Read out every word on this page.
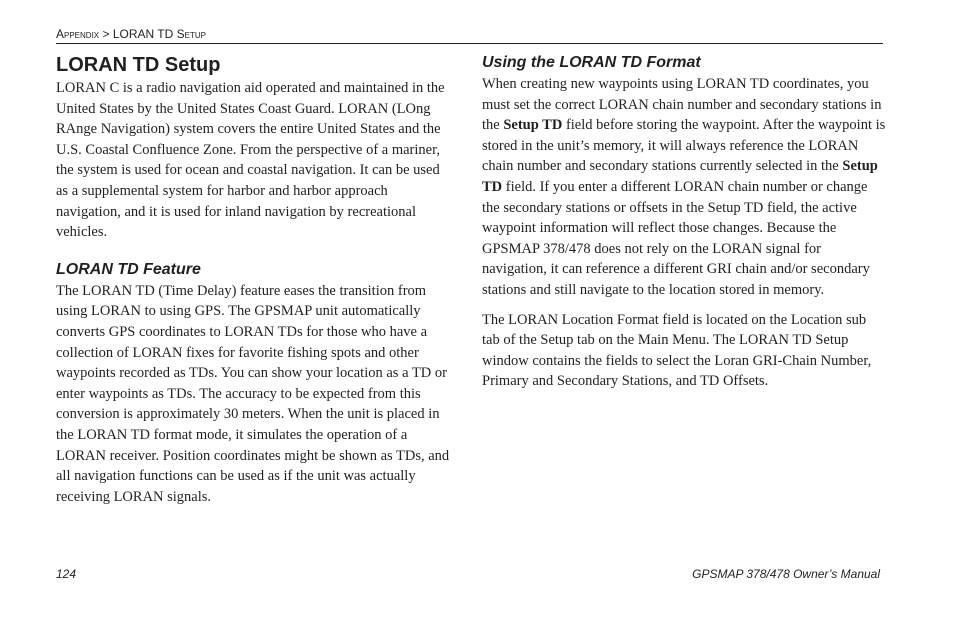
Appendix > LORAN TD Setup
LORAN TD Setup

LORAN C is a radio navigation aid operated and maintained in the United States by the United States Coast Guard. LORAN (LOng RAnge Navigation) system covers the entire United States and the U.S. Coastal Confluence Zone. From the perspective of a mariner, the system is used for ocean and coastal navigation. It can be used as a supplemental system for harbor and harbor approach navigation, and it is used for inland navigation by recreational vehicles.

LORAN TD Feature

The LORAN TD (Time Delay) feature eases the transition from using LORAN to using GPS. The GPSMAP unit automatically converts GPS coordinates to LORAN TDs for those who have a collection of LORAN fixes for favorite fishing spots and other waypoints recorded as TDs. You can show your location as a TD or enter waypoints as TDs. The accuracy to be expected from this conversion is approximately 30 meters. When the unit is placed in the LORAN TD format mode, it simulates the operation of a LORAN receiver. Position coordinates might be shown as TDs, and all navigation functions can be used as if the unit was actually receiving LORAN signals.

Using the LORAN TD Format

When creating new waypoints using LORAN TD coordinates, you must set the correct LORAN chain number and secondary stations in the Setup TD field before storing the waypoint. After the waypoint is stored in the unit’s memory, it will always reference the LORAN chain number and secondary stations currently selected in the Setup TD field. If you enter a different LORAN chain number or change the secondary stations or offsets in the Setup TD field, the active waypoint information will reflect those changes. Because the GPSMAP 378/478 does not rely on the LORAN signal for navigation, it can reference a different GRI chain and/or secondary stations and still navigate to the location stored in memory.

The LORAN Location Format field is located on the Location sub tab of the Setup tab on the Main Menu. The LORAN TD Setup window contains the fields to select the Loran GRI-Chain Number, Primary and Secondary Stations, and TD Offsets.

124	GPSMAP 378/478 Owner’s Manual
